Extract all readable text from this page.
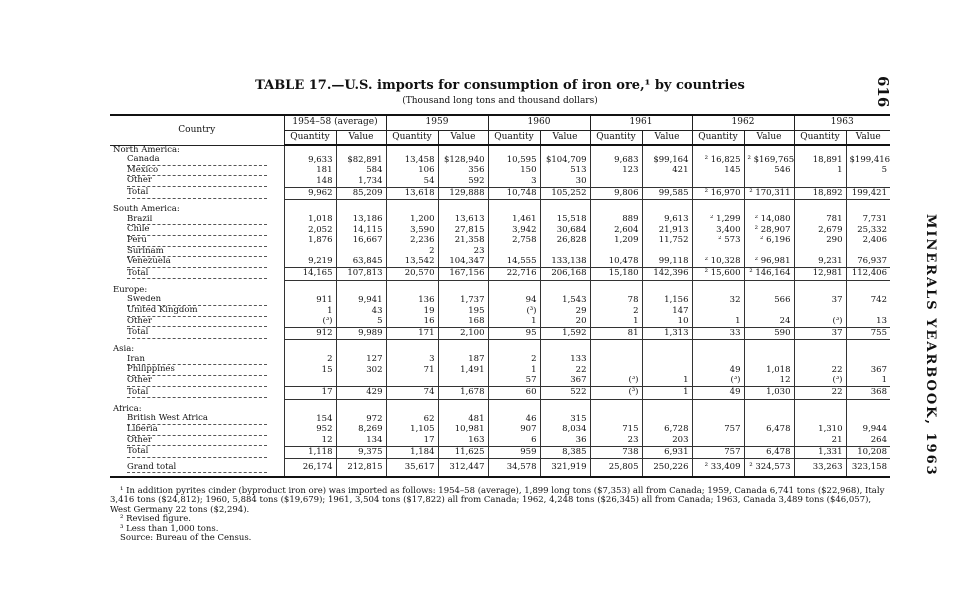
616
MINERALS YEARBOOK, 1963
TABLE 17.—U.S. imports for consumption of iron ore,¹ by countries
(Thousand long tons and thousand dollars)
Country	1954–58 (average)		1959		1960		1961		1962		1963	
	Quantity	Value	Quantity	Value	Quantity	Value	Quantity	Value	Quantity	Value	Quantity	Value
North America:												
Canada	9,633	$82,891	13,458	$128,940	10,595	$104,709	9,683	$99,164	² 16,825	² $169,765	18,891	$199,416
Mexico	181	584	106	356	150	513	123	421	145	546	1	5
Other	148	1,734	54	592	3	30						
Total	9,962	85,209	13,618	129,888	10,748	105,252	9,806	99,585	² 16,970	² 170,311	18,892	199,421

South America:												
Brazil	1,018	13,186	1,200	13,613	1,461	15,518	889	9,613	² 1,299	² 14,080	781	7,731
Chile	2,052	14,115	3,590	27,815	3,942	30,684	2,604	21,913	3,400	² 28,907	2,679	25,332
Peru	1,876	16,667	2,236	21,358	2,758	26,828	1,209	11,752	² 573	² 6,196	290	2,406
Surinam			2	23								
Venezuela	9,219	63,845	13,542	104,347	14,555	133,138	10,478	99,118	² 10,328	² 96,981	9,231	76,937
Total	14,165	107,813	20,570	167,156	22,716	206,168	15,180	142,396	² 15,600	² 146,164	12,981	112,406

Europe:												
Sweden	911	9,941	136	1,737	94	1,543	78	1,156	32	566	37	742
United Kingdom	1	43	19	195	(³)	29	2	147				
Other	(³)	5	16	168	1	20	1	10	1	24	(³)	13
Total	912	9,989	171	2,100	95	1,592	81	1,313	33	590	37	755

Asia:												
Iran	2	127	3	187	2	133						
Philippines	15	302	71	1,491	1	22			49	1,018	22	367
Other					57	367	(³)	1	(³)	12	(³)	1
Total	17	429	74	1,678	60	522	(³)	1	49	1,030	22	368

Africa:												
British West Africa	154	972	62	481	46	315						
Liberia	952	8,269	1,105	10,981	907	8,034	715	6,728	757	6,478	1,310	9,944
Other	12	134	17	163	6	36	23	203			21	264
Total	1,118	9,375	1,184	11,625	959	8,385	738	6,931	757	6,478	1,331	10,208
Grand total	26,174	212,815	35,617	312,447	34,578	321,919	25,805	250,226	² 33,409	² 324,573	33,263	323,158

¹ In addition pyrites cinder (byproduct iron ore) was imported as follows: 1954–58 (average), 1,899 long tons ($7,353) all from Canada; 1959, Canada 6,741 tons ($22,968), Italy 3,416 tons ($24,812); 1960, 5,884 tons ($19,679); 1961, 3,504 tons ($17,822) all from Canada; 1962, 4,248 tons ($26,345) all from Canada; 1963, Canada 3,489 tons ($46,057), West Germany 22 tons ($2,294).

² Revised figure.

³ Less than 1,000 tons.

Source: Bureau of the Census.
